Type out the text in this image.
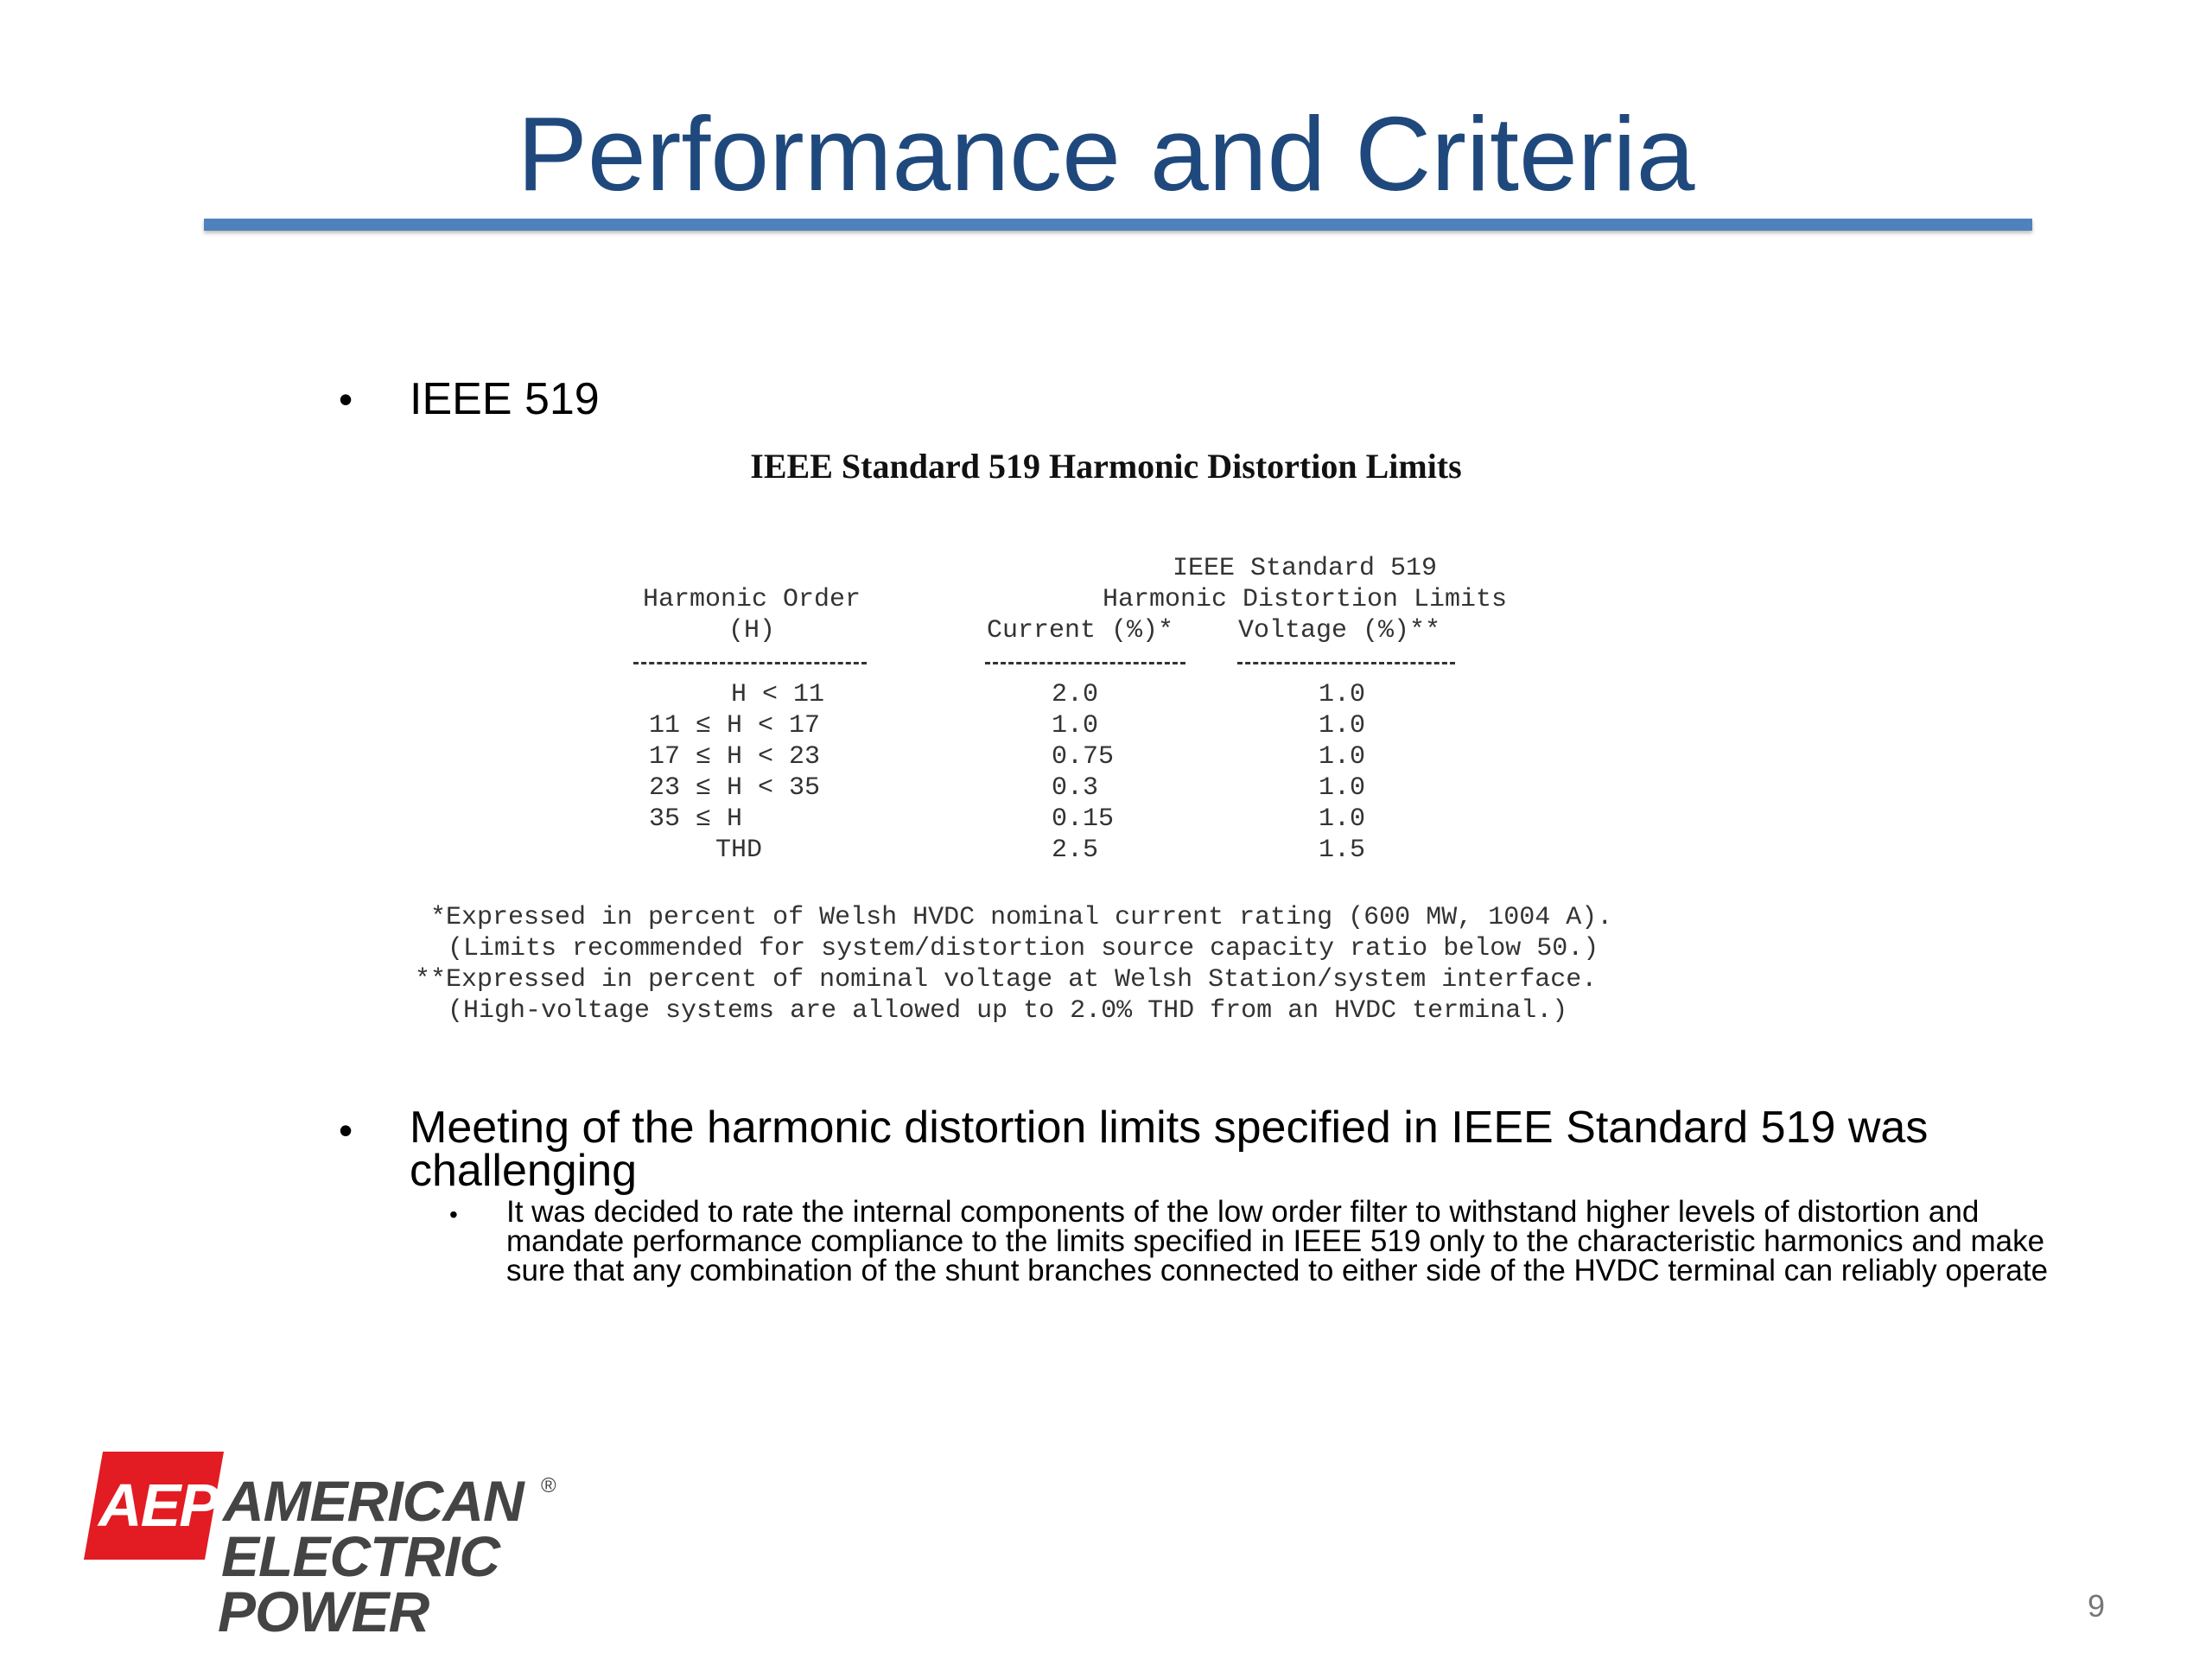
Performance and Criteria
• IEEE 519
IEEE Standard 519 Harmonic Distortion Limits
IEEE Standard 519
Harmonic Order	Harmonic Distortion Limits
(H)	Current (%)*	Voltage (%)**
H < 11	2.0	1.0
11 ≤ H < 17	1.0	1.0
17 ≤ H < 23	0.75	1.0
23 ≤ H < 35	0.3	1.0
35 ≤ H	0.15	1.0
THD	2.5	1.5
*Expressed in percent of Welsh HVDC nominal current rating (600 MW, 1004 A).
(Limits recommended for system/distortion source capacity ratio below 50.)
**Expressed in percent of nominal voltage at Welsh Station/system interface.
(High-voltage systems are allowed up to 2.0% THD from an HVDC terminal.)
• Meeting of the harmonic distortion limits specified in IEEE Standard 519 was challenging
• It was decided to rate the internal components of the low order filter to withstand higher levels of distortion and mandate performance compliance to the limits specified in IEEE 519 only to the characteristic harmonics and make sure that any combination of the shunt branches connected to either side of the HVDC terminal can reliably operate
AEP AMERICAN
ELECTRIC
POWER
®
9
